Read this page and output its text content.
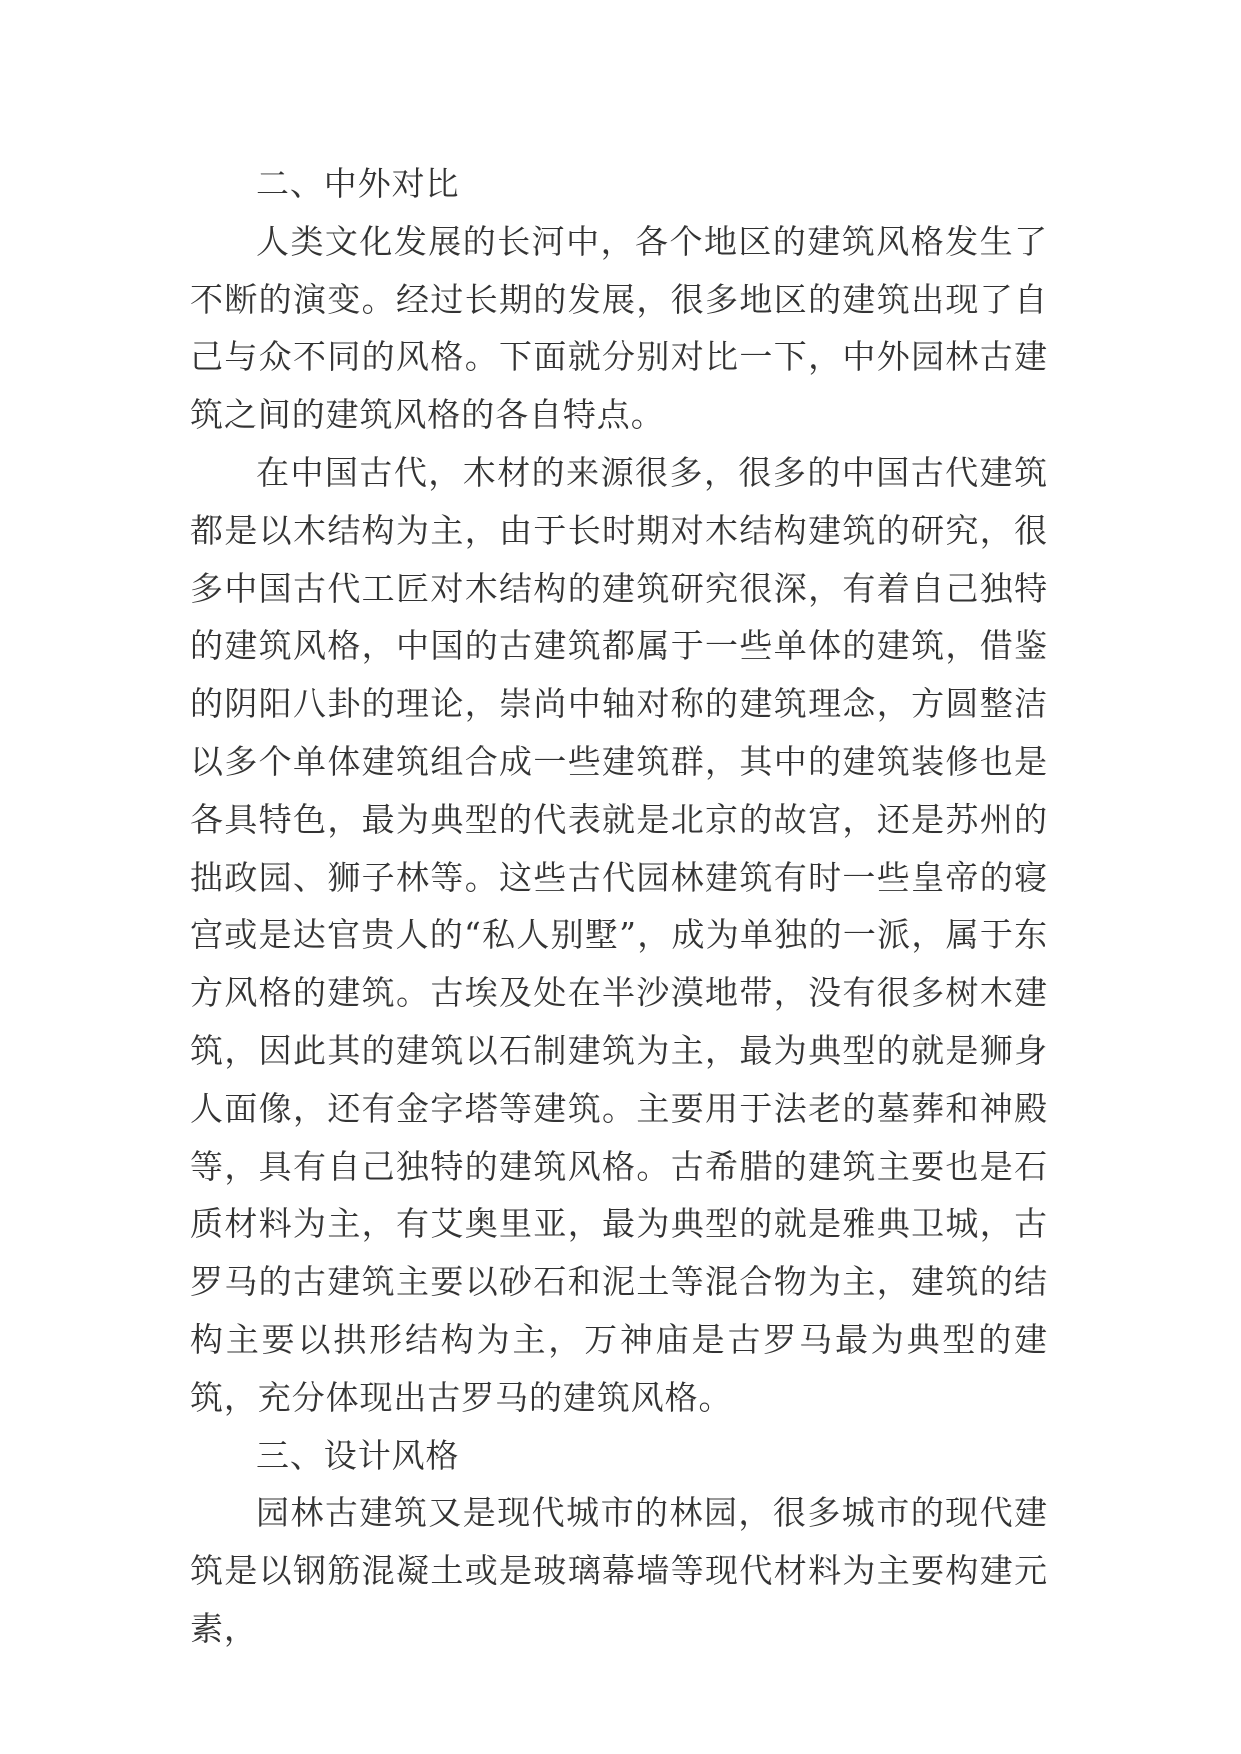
二、中外对比

人类文化发展的长河中，各个地区的建筑风格发生了不断的演变。经过长期的发展，很多地区的建筑出现了自己与众不同的风格。下面就分别对比一下，中外园林古建筑之间的建筑风格的各自特点。

在中国古代，木材的来源很多，很多的中国古代建筑都是以木结构为主，由于长时期对木结构建筑的研究，很多中国古代工匠对木结构的建筑研究很深，有着自己独特的建筑风格，中国的古建筑都属于一些单体的建筑，借鉴的阴阳八卦的理论，崇尚中轴对称的建筑理念，方圆整洁以多个单体建筑组合成一些建筑群，其中的建筑装修也是各具特色，最为典型的代表就是北京的故宫，还是苏州的拙政园、狮子林等。这些古代园林建筑有时一些皇帝的寝宫或是达官贵人的“私人别墅”，成为单独的一派，属于东方风格的建筑。古埃及处在半沙漠地带，没有很多树木建筑，因此其的建筑以石制建筑为主，最为典型的就是狮身人面像，还有金字塔等建筑。主要用于法老的墓葬和神殿等，具有自己独特的建筑风格。古希腊的建筑主要也是石质材料为主，有艾奥里亚，最为典型的就是雅典卫城，古罗马的古建筑主要以砂石和泥土等混合物为主，建筑的结构主要以拱形结构为主，万神庙是古罗马最为典型的建筑，充分体现出古罗马的建筑风格。

三、设计风格

园林古建筑又是现代城市的林园，很多城市的现代建筑是以钢筋混凝土或是玻璃幕墙等现代材料为主要构建元素，
